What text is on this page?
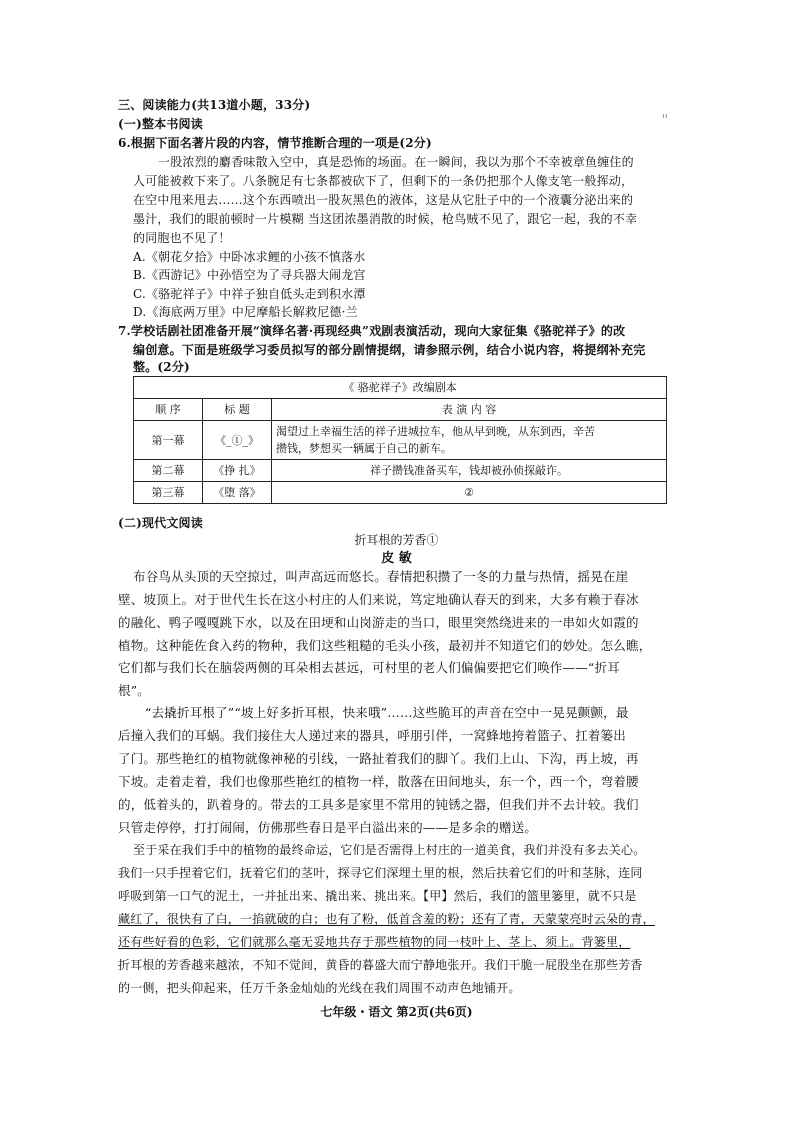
三、阅读能力(共13道小题，33分)
¹¹
(一)整本书阅读
6.根据下面名著片段的内容，情节推断合理的一项是(2分)
一股浓烈的麝香味散入空中，真是恐怖的场面。在一瞬间，我以为那个不幸被章鱼缠住的
人可能被救下来了。八条腕足有七条都被砍下了，但剩下的一条仍把那个人像支笔一般挥动，
在空中甩来甩去……这个东西喷出一股灰黑色的液体，这是从它肚子中的一个液囊分泌出来的
墨汁，我们的眼前顿时一片模糊 当这团浓墨消散的时候，枪鸟贼不见了，跟它一起，我的不幸
的同胞也不见了！
A.《朝花夕拾》中卧冰求鲤的小孩不慎落水
B.《西游记》中孙悟空为了寻兵器大闹龙宫
C.《骆驼祥子》中祥子独自低头走到积水潭
D.《海底两万里》中尼摩船长解救尼德·兰
7.学校话剧社团准备开展“演绎名著·再现经典”戏剧表演活动，现向大家征集《骆驼祥子》的改
编创意。下面是班级学习委员拟写的部分剧情提纲，请参照示例，结合小说内容，将提纲补充完
整。(2分)
《 骆驼祥子》改编剧本		
顺 序	标 题	表 演 内 容
第一幕	《_①_》	渴望过上幸福生活的祥子进城拉车，他从早到晚，从东到西，辛苦
攒钱，梦想买一辆属于自己的新车。

第二幕	《挣 扎》	祥子攒钱准备买车，钱却被孙侦探敲诈。
第三幕	《堕 落》	②
(二)现代文阅读
折耳根的芳香①
皮 敏
布谷鸟从头顶的天空掠过，叫声高远而悠长。春情把积攒了一冬的力量与热情，摇晃在崖
壁、坡顶上。对于世代生长在这小村庄的人们来说，笃定地确认春天的到来，大多有赖于春冰
的融化、鸭子嘎嘎跳下水，以及在田埂和山岗游走的当口，眼里突然绕进来的一串如火如霞的
植物。这种能佐食入药的物种，我们这些粗糙的毛头小孩，最初并不知道它们的妙处。怎么瞧，
它们都与我们长在脑袋两侧的耳朵相去甚远，可村里的老人们偏偏要把它们唤作——“折耳
根”。
“去撬折耳根了”“坡上好多折耳根，快来哦”……这些脆耳的声音在空中一晃晃颤颤，最
后撞入我们的耳蜗。我们接住大人递过来的器具，呼朋引伴，一窝蜂地挎着篮子、扛着篓出
了门。那些艳红的植物就像神秘的引线，一路扯着我们的脚丫。我们上山、下沟，再上坡，再
下坡。走着走着，我们也像那些艳红的植物一样，散落在田间地头，东一个，西一个，弯着腰
的，低着头的，趴着身的。带去的工具多是家里不常用的钝锈之器，但我们并不去计较。我们
只管走停停，打打闹闹，仿佛那些春日是平白溢出来的——是多余的赠送。
至于采在我们手中的植物的最终命运，它们是否需得上村庄的一道美食，我们并没有多去关心。
我们一只手捏着它们，抚着它们的茎叶，探寻它们深埋土里的根，然后扶着它们的叶和茎脉，连同
呼吸到第一口气的泥土，一并扯出来、撬出来、挑出来。【甲】然后，我们的篮里篓里，就不只是
藏红了，很快有了白，一掐就破的白；也有了粉，低首含羞的粉；还有了青，天蒙蒙亮时云朵的青，
还有些好看的色彩，它们就那么毫无妥地共存于那些植物的同一枝叶上、茎上、须上。背篓里，
折耳根的芳香越来越浓，不知不觉间，黄昏的暮盛大而宁静地张开。我们干脆一屁股坐在那些芳香
的一侧，把头仰起来，任万千条金灿灿的光线在我们周围不动声色地铺开。
七年级・语文 第2页(共6页)
